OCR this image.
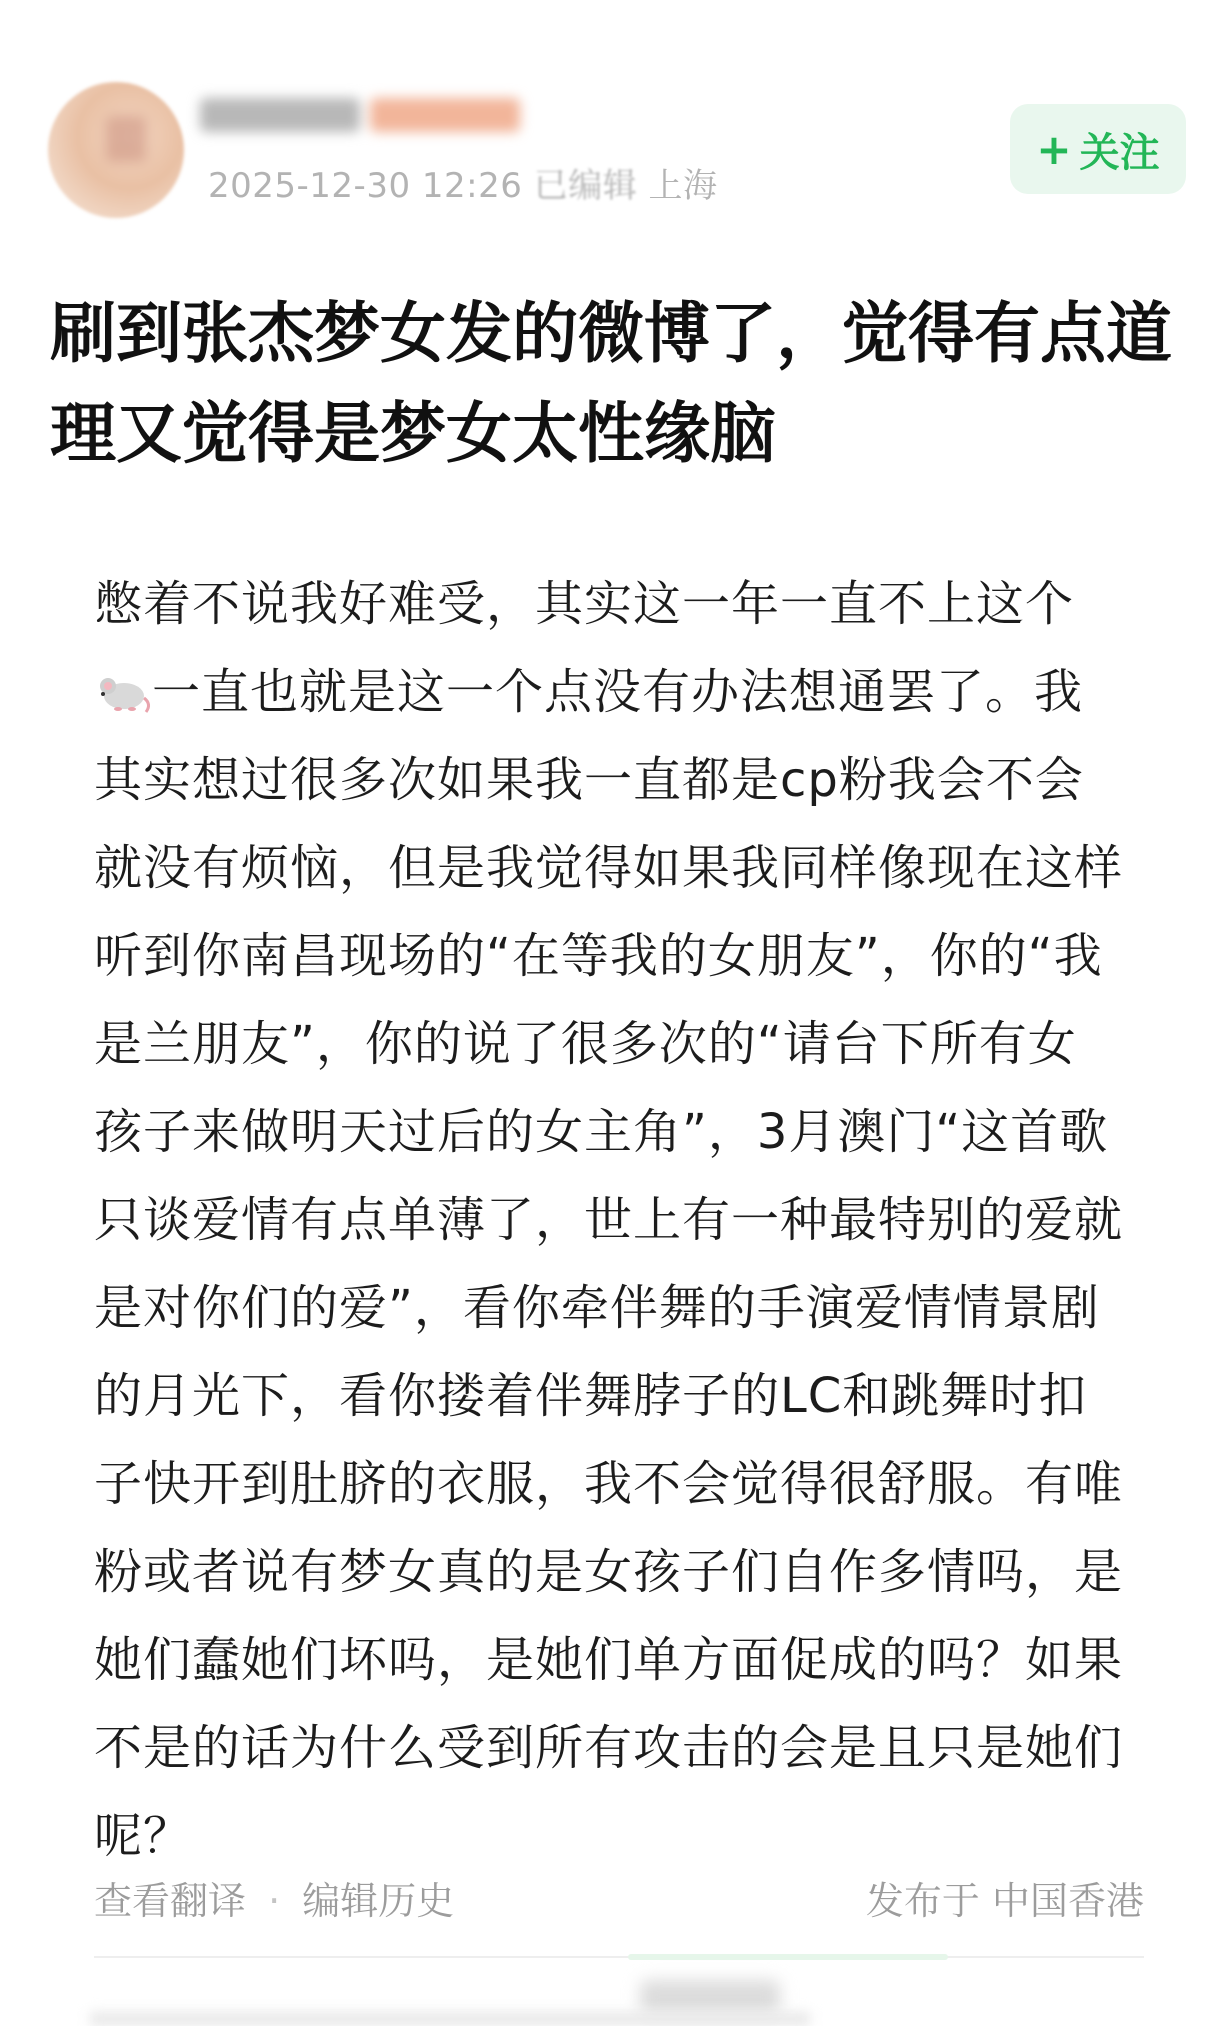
2025-12-30 12:26 已编辑 上海
+ 关注
刷到张杰梦女发的微博了，觉得有点道理又觉得是梦女太性缘脑

憋着不说我好难受，其实这一年一直不上这个
一直也就是这一个点没有办法想通罢了。我其实想过很多次如果我一直都是cp粉我会不会就没有烦恼，但是我觉得如果我同样像现在这样听到你南昌现场的“在等我的女朋友”，你的“我是兰朋友”，你的说了很多次的“请台下所有女孩子来做明天过后的女主角”，3月澳门“这首歌只谈爱情有点单薄了，世上有一种最特别的爱就是对你们的爱”，看你牵伴舞的手演爱情情景剧的月光下，看你搂着伴舞脖子的LC和跳舞时扣子快开到肚脐的衣服，我不会觉得很舒服。有唯粉或者说有梦女真的是女孩子们自作多情吗，是她们蠢她们坏吗，是她们单方面促成的吗？如果不是的话为什么受到所有攻击的会是且只是她们呢？

查看翻译 · 编辑历史	发布于 中国香港
